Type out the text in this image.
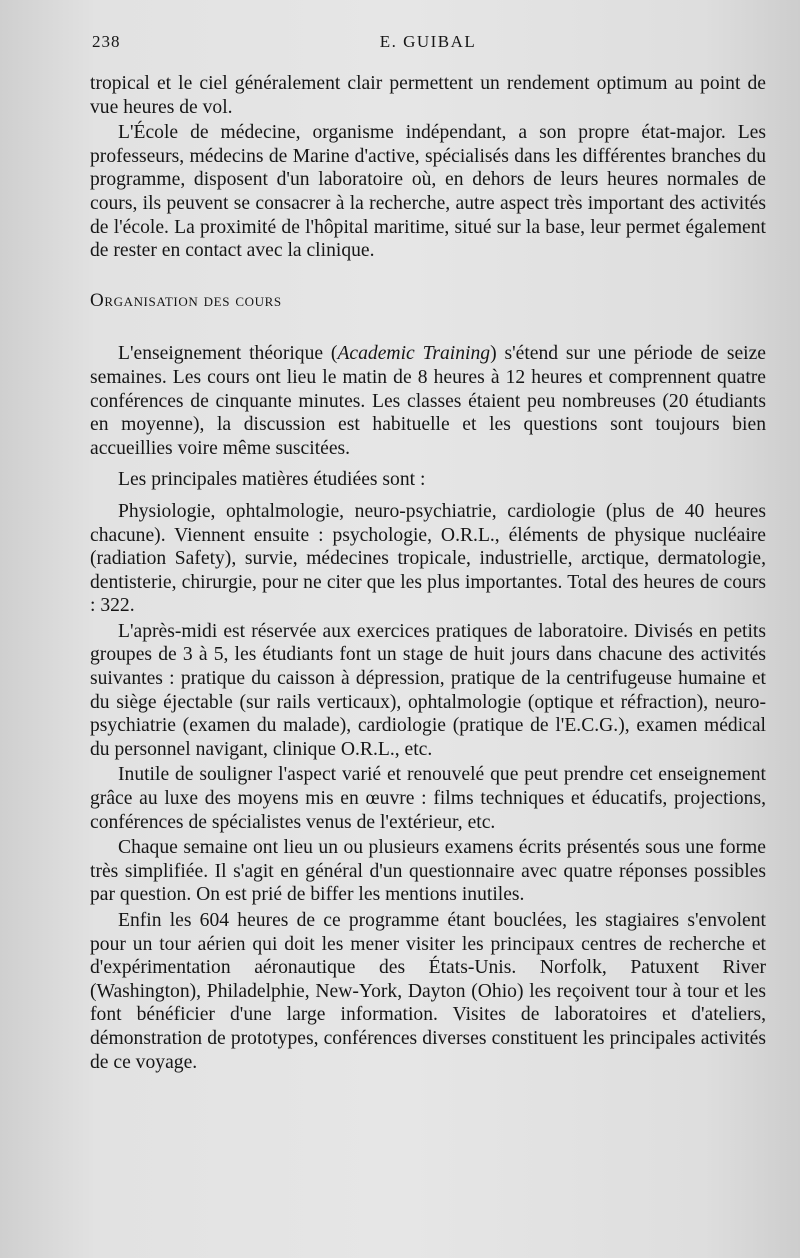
238	E. GUIBAL

tropical et le ciel généralement clair permettent un rendement optimum au point de vue heures de vol.

L'École de médecine, organisme indépendant, a son propre état-major. Les professeurs, médecins de Marine d'active, spécialisés dans les différentes branches du programme, disposent d'un laboratoire où, en dehors de leurs heures normales de cours, ils peuvent se consacrer à la recherche, autre aspect très important des activités de l'école. La proximité de l'hôpital maritime, situé sur la base, leur permet également de rester en contact avec la clinique.

Organisation des cours

L'enseignement théorique (Academic Training) s'étend sur une période de seize semaines. Les cours ont lieu le matin de 8 heures à 12 heures et comprennent quatre conférences de cinquante minutes. Les classes étaient peu nombreuses (20 étudiants en moyenne), la discussion est habituelle et les questions sont toujours bien accueillies voire même suscitées.

Les principales matières étudiées sont :

Physiologie, ophtalmologie, neuro-psychiatrie, cardiologie (plus de 40 heures chacune). Viennent ensuite : psychologie, O.R.L., éléments de physique nucléaire (radiation Safety), survie, médecines tropicale, industrielle, arctique, dermatologie, dentisterie, chirurgie, pour ne citer que les plus importantes. Total des heures de cours : 322.

L'après-midi est réservée aux exercices pratiques de laboratoire. Divisés en petits groupes de 3 à 5, les étudiants font un stage de huit jours dans chacune des activités suivantes : pratique du caisson à dépression, pratique de la centrifugeuse humaine et du siège éjectable (sur rails verticaux), ophtalmologie (optique et réfraction), neuro-psychiatrie (examen du malade), cardiologie (pratique de l'E.C.G.), examen médical du personnel navigant, clinique O.R.L., etc.

Inutile de souligner l'aspect varié et renouvelé que peut prendre cet enseignement grâce au luxe des moyens mis en œuvre : films techniques et éducatifs, projections, conférences de spécialistes venus de l'extérieur, etc.

Chaque semaine ont lieu un ou plusieurs examens écrits présentés sous une forme très simplifiée. Il s'agit en général d'un questionnaire avec quatre réponses possibles par question. On est prié de biffer les mentions inutiles.

Enfin les 604 heures de ce programme étant bouclées, les stagiaires s'envolent pour un tour aérien qui doit les mener visiter les principaux centres de recherche et d'expérimentation aéronautique des États-Unis. Norfolk, Patuxent River (Washington), Philadelphie, New-York, Dayton (Ohio) les reçoivent tour à tour et les font bénéficier d'une large information. Visites de laboratoires et d'ateliers, démonstration de prototypes, conférences diverses constituent les principales activités de ce voyage.
